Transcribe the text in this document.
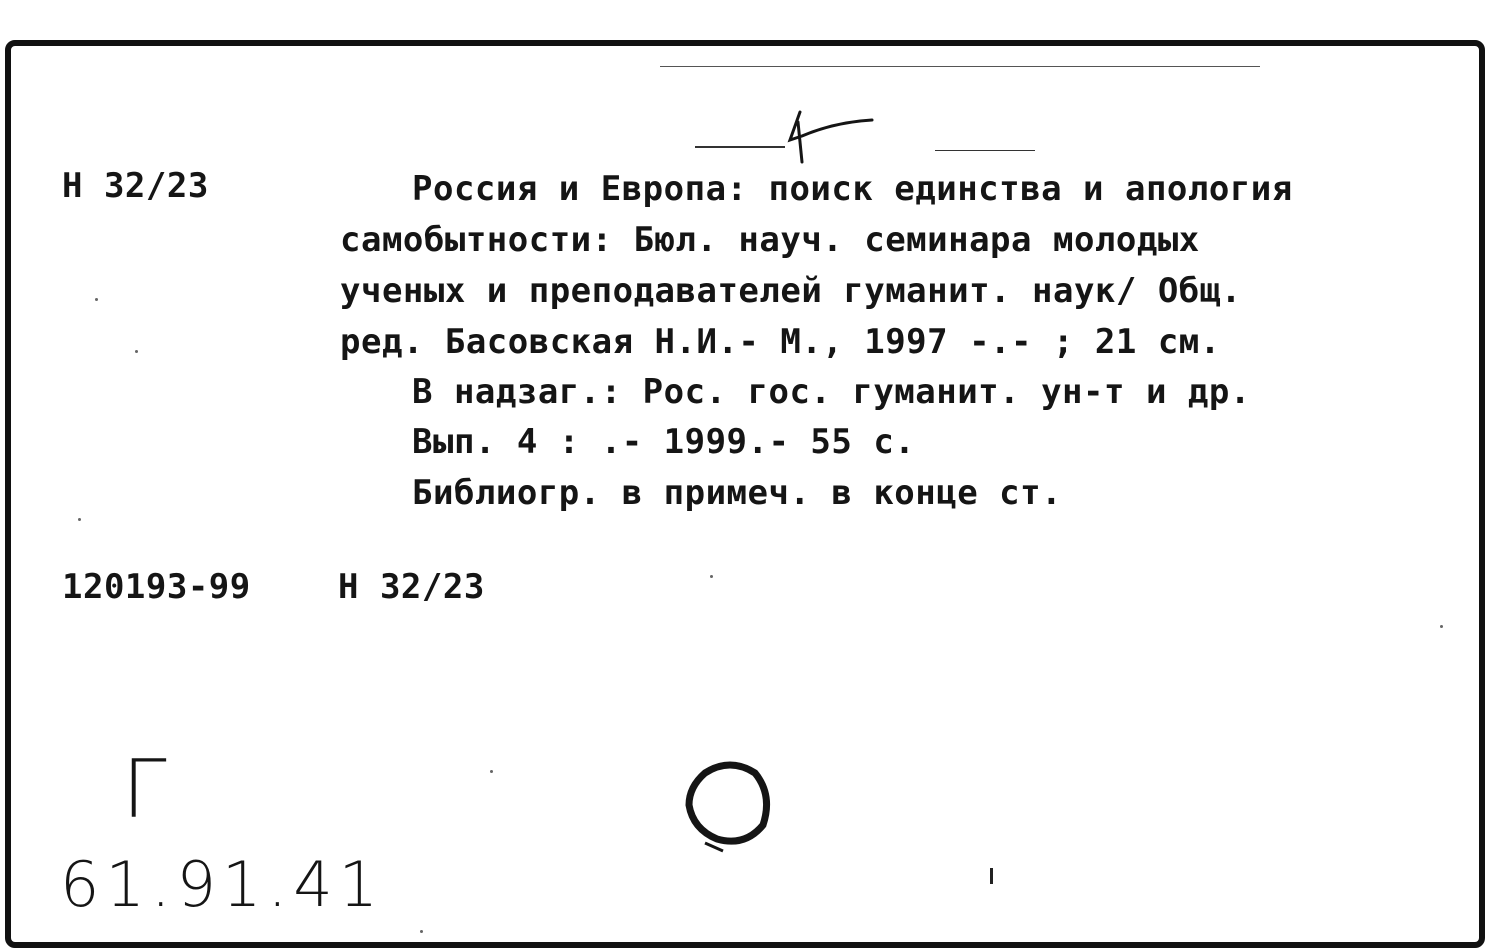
Н 32/23	Россия и Европа: поиск единства и апология
самобытности: Бюл. науч. семинара молодых
ученых и преподавателей гуманит. наук/ Общ.
ред. Басовская Н.И.- М., 1997 -.- ; 21 см.
В надзаг.: Рос. гос. гуманит. ун-т и др.
Вып. 4 : .- 1999.- 55 с.
Библиогр. в примеч. в конце ст.
120193-99	Н 32/23
Г
61.91.41
